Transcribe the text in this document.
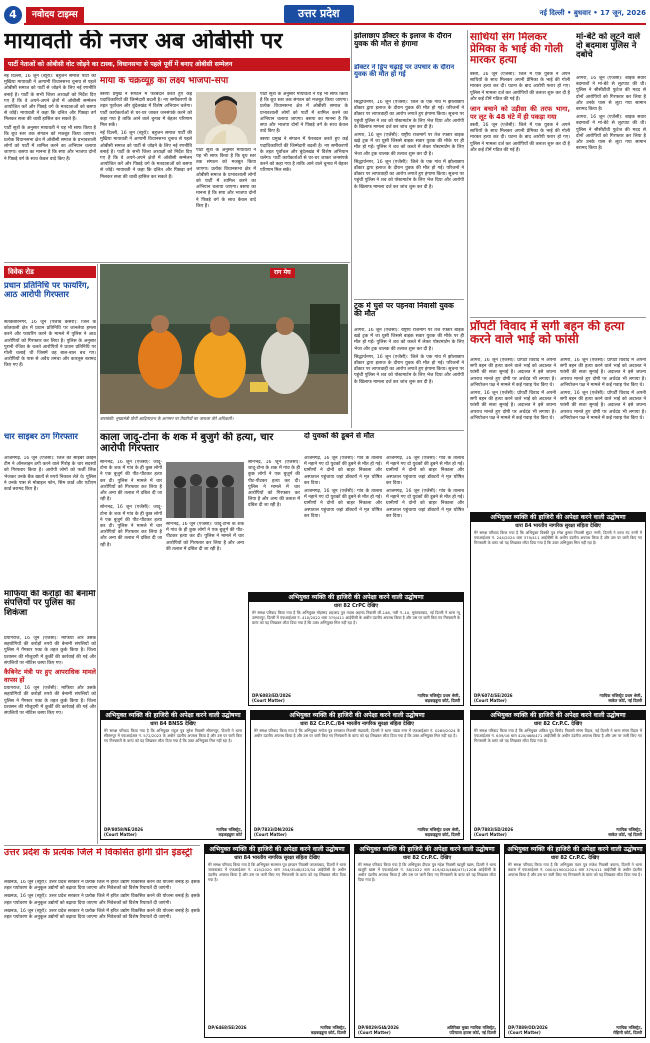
4	नवोदय टाइम्स	उत्तर प्रदेश	नई दिल्ली • बुधवार • 17 जून, 2026
मायावती की नजर अब ओबीसी पर
पार्टी नेताओं को ओबीसी वोट जोड़ने का टास्क, विधानसभा से पहले पूर्वी में बनाए ओबीसी सम्मेलन

नई दिल्ली, 16 जून (ब्यूरो): बहुजन समाज पार्टी की मुखिया मायावती ने आगामी विधानसभा चुनाव से पहले ओबीसी समाज को पार्टी से जोड़ने के लिए नई रणनीति बनाई है। पार्टी के सभी जिला अध्यक्षों को निर्देश दिए गए हैं कि वे अपने-अपने क्षेत्रों में ओबीसी सम्मेलन आयोजित करें और पिछड़े वर्ग के मतदाताओं को बसपा से जोड़ें। मायावती ने कहा कि दलित और पिछड़ा वर्ग मिलकर सत्ता की चाबी हासिल कर सकते हैं।

पार्टी सूत्रों के अनुसार मायावती ने यह भी साफ किया है कि बूथ स्तर तक संगठन को मजबूत किया जाएगा। प्रत्येक विधानसभा क्षेत्र में ओबीसी समाज के प्रभावशाली लोगों को पार्टी में शामिल करने का अभियान चलाया जाएगा। बसपा का मानना है कि सपा और भाजपा दोनों ने पिछड़े वर्ग के साथ केवल वादे किए हैं।

माया के चक्रव्यूह का लक्ष्य भाजपा-सपा

बसपा प्रमुख ने संगठन में फेरबदल करते हुए कई पदाधिकारियों की जिम्मेदारी बदली है। नए समीकरणों के तहत पूर्वांचल और बुंदेलखंड में विशेष अभियान चलेगा। पार्टी कार्यकर्ताओं से घर-घर जाकर जनसंपर्क करने को कहा गया है ताकि आने वाले चुनाव में बेहतर परिणाम मिल सकें।

नई दिल्ली, 16 जून (ब्यूरो): बहुजन समाज पार्टी की मुखिया मायावती ने आगामी विधानसभा चुनाव से पहले ओबीसी समाज को पार्टी से जोड़ने के लिए नई रणनीति बनाई है। पार्टी के सभी जिला अध्यक्षों को निर्देश दिए गए हैं कि वे अपने-अपने क्षेत्रों में ओबीसी सम्मेलन आयोजित करें और पिछड़े वर्ग के मतदाताओं को बसपा से जोड़ें। मायावती ने कहा कि दलित और पिछड़ा वर्ग मिलकर सत्ता की चाबी हासिल कर सकते हैं।

पार्टी सूत्रों के अनुसार मायावती ने यह भी साफ किया है कि बूथ स्तर तक संगठन को मजबूत किया जाएगा। प्रत्येक विधानसभा क्षेत्र में ओबीसी समाज के प्रभावशाली लोगों को पार्टी में शामिल करने का अभियान चलाया जाएगा। बसपा का मानना है कि सपा और भाजपा दोनों ने पिछड़े वर्ग के साथ केवल वादे किए हैं।

बसपा प्रमुख ने संगठन में फेरबदल करते हुए कई पदाधिकारियों की जिम्मेदारी बदली है। नए समीकरणों के तहत पूर्वांचल और बुंदेलखंड में विशेष अभियान चलेगा। पार्टी कार्यकर्ताओं से घर-घर जाकर जनसंपर्क करने को कहा गया है ताकि आने वाले चुनाव में बेहतर परिणाम मिल सकें।

पार्टी सूत्रों के अनुसार मायावती ने यह भी साफ किया है कि बूथ स्तर तक संगठन को मजबूत किया जाएगा। प्रत्येक विधानसभा क्षेत्र में ओबीसी समाज के प्रभावशाली लोगों को पार्टी में शामिल करने का अभियान चलाया जाएगा। बसपा का मानना है कि सपा और भाजपा दोनों ने पिछड़े वर्ग के साथ केवल वादे किए हैं।

विवेक रोड
प्रधान प्रतिनिधि पर फायरिंग, आठ आरोपी गिरफ्तार
संतकबीरनगर, 16 जून (पंजाब केसरी): जिले के कोतवाली क्षेत्र में प्रधान प्रतिनिधि पर जानलेवा हमला करने और फायरिंग करने के मामले में पुलिस ने आठ आरोपियों को गिरफ्तार कर लिया है। पुलिस के अनुसार पुरानी रंजिश के चलते आरोपियों ने प्रधान प्रतिनिधि पर गोली चलाई थी जिसमें वह बाल-बाल बच गए। आरोपियों के पास से अवैध तमंचा और कारतूस बरामद किए गए हैं।
चार साइबर ठग गिरफ्तार
आजमगढ़, 16 जून (एजेंसी): जिले की साइबर क्राइम टीम ने ऑनलाइन ठगी करने वाले गिरोह के चार सदस्यों को गिरफ्तार किया है। आरोपी लोगों को फर्जी लिंक भेजकर उनके बैंक खातों से रुपये निकाल लेते थे। पुलिस ने उनके पास से मोबाइल फोन, सिम कार्ड और एटीएम कार्ड बरामद किए हैं।
राग मेघ
बाराबंकी: मुख्यमंत्री योगी आदित्यनाथ के आगमन पर तैयारियों का जायजा लेते अधिकारी।
झोलाछाप डॉक्टर के इलाज के दौरान युवक की मौत से हंगामा
डॉक्टर ने ड्रिप चढ़ाई पर उपचार के दौरान युवक की मौत हो गई

सिद्धार्थनगर, 16 जून (एजेंसी): जिले के एक गांव में झोलाछाप डॉक्टर द्वारा इलाज के दौरान युवक की मौत हो गई। परिजनों ने डॉक्टर पर लापरवाही का आरोप लगाते हुए हंगामा किया। सूचना पर पहुंची पुलिस ने शव को पोस्टमार्टम के लिए भेज दिया और आरोपी के खिलाफ मामला दर्ज कर जांच शुरू कर दी है।

आगरा, 16 जून (एजेंसी): राष्ट्रीय राजमार्ग पर तेज रफ्तार बाइक खड़े ट्रक में जा घुसी जिससे बाइक सवार युवक की मौके पर ही मौत हो गई। पुलिस ने शव को कब्जे में लेकर पोस्टमार्टम के लिए भेजा और ट्रक चालक की तलाश शुरू कर दी है।

सिद्धार्थनगर, 16 जून (एजेंसी): जिले के एक गांव में झोलाछाप डॉक्टर द्वारा इलाज के दौरान युवक की मौत हो गई। परिजनों ने डॉक्टर पर लापरवाही का आरोप लगाते हुए हंगामा किया। सूचना पर पहुंची पुलिस ने शव को पोस्टमार्टम के लिए भेज दिया और आरोपी के खिलाफ मामला दर्ज कर जांच शुरू कर दी है।

ट्रक में घुसे पर पहनवा निवासी युवक की मौत

आगरा, 16 जून (एजेंसी): राष्ट्रीय राजमार्ग पर तेज रफ्तार बाइक खड़े ट्रक में जा घुसी जिससे बाइक सवार युवक की मौके पर ही मौत हो गई। पुलिस ने शव को कब्जे में लेकर पोस्टमार्टम के लिए भेजा और ट्रक चालक की तलाश शुरू कर दी है।

सिद्धार्थनगर, 16 जून (एजेंसी): जिले के एक गांव में झोलाछाप डॉक्टर द्वारा इलाज के दौरान युवक की मौत हो गई। परिजनों ने डॉक्टर पर लापरवाही का आरोप लगाते हुए हंगामा किया। सूचना पर पहुंची पुलिस ने शव को पोस्टमार्टम के लिए भेज दिया और आरोपी के खिलाफ मामला दर्ज कर जांच शुरू कर दी है।

साथियों संग मिलकर प्रेमिका के भाई की गोली मारकर हत्या

बस्ती, 16 जून (एजेंसी): जिले में एक युवक ने अपने साथियों के साथ मिलकर अपनी प्रेमिका के भाई की गोली मारकर हत्या कर दी। घटना के बाद आरोपी फरार हो गए। पुलिस ने मामला दर्ज कर आरोपियों की तलाश शुरू कर दी है और कई टीमें गठित की गई हैं।

जान बचाने को उड़ीसा की तरफ भागा, पर लूट के 48 घंटे में ही पकड़ा गया

बस्ती, 16 जून (एजेंसी): जिले में एक युवक ने अपने साथियों के साथ मिलकर अपनी प्रेमिका के भाई की गोली मारकर हत्या कर दी। घटना के बाद आरोपी फरार हो गए। पुलिस ने मामला दर्ज कर आरोपियों की तलाश शुरू कर दी है और कई टीमें गठित की गई हैं।

मां-बेटे को लूटने वाले दो बदमाश पुलिस ने दबोचे

आगरा, 16 जून (एजेंसी): बाइक सवार बदमाशों ने मां-बेटे से लूटपाट की थी। पुलिस ने सीसीटीवी फुटेज की मदद से दोनों आरोपियों को गिरफ्तार कर लिया है और उनके पास से लूटा गया सामान बरामद किया है।

आगरा, 16 जून (एजेंसी): बाइक सवार बदमाशों ने मां-बेटे से लूटपाट की थी। पुलिस ने सीसीटीवी फुटेज की मदद से दोनों आरोपियों को गिरफ्तार कर लिया है और उनके पास से लूटा गया सामान बरामद किया है।

प्रॉपर्टी विवाद में सगी बहन की हत्या करने वाले भाई को फांसी

आगरा, 16 जून (एजेंसी): प्रॉपर्टी विवाद में अपनी सगी बहन की हत्या करने वाले भाई को अदालत ने फांसी की सजा सुनाई है। अदालत ने इसे जघन्य अपराध मानते हुए दोषी पर अर्थदंड भी लगाया है। अभियोजन पक्ष ने मामले में कई गवाह पेश किए थे।

आगरा, 16 जून (एजेंसी): प्रॉपर्टी विवाद में अपनी सगी बहन की हत्या करने वाले भाई को अदालत ने फांसी की सजा सुनाई है। अदालत ने इसे जघन्य अपराध मानते हुए दोषी पर अर्थदंड भी लगाया है। अभियोजन पक्ष ने मामले में कई गवाह पेश किए थे।

आगरा, 16 जून (एजेंसी): प्रॉपर्टी विवाद में अपनी सगी बहन की हत्या करने वाले भाई को अदालत ने फांसी की सजा सुनाई है। अदालत ने इसे जघन्य अपराध मानते हुए दोषी पर अर्थदंड भी लगाया है। अभियोजन पक्ष ने मामले में कई गवाह पेश किए थे।

आगरा, 16 जून (एजेंसी): प्रॉपर्टी विवाद में अपनी सगी बहन की हत्या करने वाले भाई को अदालत ने फांसी की सजा सुनाई है। अदालत ने इसे जघन्य अपराध मानते हुए दोषी पर अर्थदंड भी लगाया है। अभियोजन पक्ष ने मामले में कई गवाह पेश किए थे।

काला जादू-टोना के शक में बुजुर्ग की हत्या, चार आरोपी गिरफ्तार

सोनभद्र, 16 जून (एजेंसी): जादू-टोना के शक में गांव के ही कुछ लोगों ने एक बुजुर्ग की पीट-पीटकर हत्या कर दी। पुलिस ने मामले में चार आरोपियों को गिरफ्तार कर लिया है और अन्य की तलाश में दबिश दी जा रही है।

सोनभद्र, 16 जून (एजेंसी): जादू-टोना के शक में गांव के ही कुछ लोगों ने एक बुजुर्ग की पीट-पीटकर हत्या कर दी। पुलिस ने मामले में चार आरोपियों को गिरफ्तार कर लिया है और अन्य की तलाश में दबिश दी जा रही है।

सोनभद्र, 16 जून (एजेंसी): जादू-टोना के शक में गांव के ही कुछ लोगों ने एक बुजुर्ग की पीट-पीटकर हत्या कर दी। पुलिस ने मामले में चार आरोपियों को गिरफ्तार कर लिया है और अन्य की तलाश में दबिश दी जा रही है।

सोनभद्र, 16 जून (एजेंसी): जादू-टोना के शक में गांव के ही कुछ लोगों ने एक बुजुर्ग की पीट-पीटकर हत्या कर दी। पुलिस ने मामले में चार आरोपियों को गिरफ्तार कर लिया है और अन्य की तलाश में दबिश दी जा रही है।

दो युवकों की डूबने से मौत

आजमगढ़, 16 जून (एजेंसी): गांव के तालाब में नहाने गए दो युवकों की डूबने से मौत हो गई। ग्रामीणों ने दोनों को बाहर निकाला और अस्पताल पहुंचाया जहां डॉक्टरों ने मृत घोषित कर दिया।

आजमगढ़, 16 जून (एजेंसी): गांव के तालाब में नहाने गए दो युवकों की डूबने से मौत हो गई। ग्रामीणों ने दोनों को बाहर निकाला और अस्पताल पहुंचाया जहां डॉक्टरों ने मृत घोषित कर दिया।

आजमगढ़, 16 जून (एजेंसी): गांव के तालाब में नहाने गए दो युवकों की डूबने से मौत हो गई। ग्रामीणों ने दोनों को बाहर निकाला और अस्पताल पहुंचाया जहां डॉक्टरों ने मृत घोषित कर दिया।

आजमगढ़, 16 जून (एजेंसी): गांव के तालाब में नहाने गए दो युवकों की डूबने से मौत हो गई। ग्रामीणों ने दोनों को बाहर निकाला और अस्पताल पहुंचाया जहां डॉक्टरों ने मृत घोषित कर दिया।

माफिया की करोड़ों की बेनामी संपत्तियों पर पुलिस का शिकंजा

प्रयागराज, 16 जून (एजेंसी): माफिया और उसके सहयोगियों की करोड़ों रुपये की बेनामी संपत्तियों को पुलिस ने गैंगस्टर एक्ट के तहत कुर्क किया है। जिला प्रशासन की मौजूदगी में कुर्की की कार्रवाई की गई और संपत्तियों पर नोटिस चस्पा किए गए।

कैबिनेट मंत्री पर हुए आपराधिक मामले वापस हों

प्रयागराज, 16 जून (एजेंसी): माफिया और उसके सहयोगियों की करोड़ों रुपये की बेनामी संपत्तियों को पुलिस ने गैंगस्टर एक्ट के तहत कुर्क किया है। जिला प्रशासन की मौजूदगी में कुर्की की कार्रवाई की गई और संपत्तियों पर नोटिस चस्पा किए गए।

उत्तर प्रदेश के प्रत्येक जिले में विकसित होगी ग्रीन इंडस्ट्री

लखनऊ, 16 जून (ब्यूरो): उत्तर प्रदेश सरकार ने प्रत्येक जिले में हरित उद्योग विकसित करने की योजना बनाई है। इसके तहत पर्यावरण के अनुकूल उद्योगों को बढ़ावा दिया जाएगा और निवेशकों को विशेष रियायतें दी जाएंगी।

लखनऊ, 16 जून (ब्यूरो): उत्तर प्रदेश सरकार ने प्रत्येक जिले में हरित उद्योग विकसित करने की योजना बनाई है। इसके तहत पर्यावरण के अनुकूल उद्योगों को बढ़ावा दिया जाएगा और निवेशकों को विशेष रियायतें दी जाएंगी।

लखनऊ, 16 जून (ब्यूरो): उत्तर प्रदेश सरकार ने प्रत्येक जिले में हरित उद्योग विकसित करने की योजना बनाई है। इसके तहत पर्यावरण के अनुकूल उद्योगों को बढ़ावा दिया जाएगा और निवेशकों को विशेष रियायतें दी जाएंगी।

अभियुक्त व्यक्ति की हाजिरी की अपेक्षा करने वाली उद्घोषणा
धारा 82 CrPC देखिए
मेरे समक्ष परिवाद किया गया है कि अभियुक्त मोहम्मद शहजाद पुत्र नवाब अहमद निवासी जी-148, गली नं.-10, मुस्तफाबाद, नई दिल्ली ने थाना न्यू उस्मानपुर, दिल्ली में एफआईआर नं. 410/2022 धारा 379/411 आईपीसी के अधीन दंडनीय अपराध किया है और उस पर जारी किए गए गिरफ्तारी के वारंट को यह लिखकर लौटा दिया गया है कि उक्त अभियुक्त मिल नहीं रहा है।
न्यायिक मजिस्ट्रेट प्रथम श्रेणी,
कड़कड़डूमा कोर्ट, दिल्ली
DP/6083/ED/2026
(Court Matter)
अभियुक्त व्यक्ति की हाजिरी की अपेक्षा करने वाली उद्घोषणा
धारा 84 भारतीय नागरिक सुरक्षा संहिता देखिए
मेरे समक्ष परिवाद किया गया है कि अभियुक्त विक्की पुत्र रमेश कुमार निवासी सुंदर नगरी, दिल्ली ने थाना नंद नगरी में एफआईआर नं. 244/2024 धारा 379/411 आईपीसी के अधीन दंडनीय अपराध किया है और उस पर जारी किए गए गिरफ्तारी के वारंट को यह लिखकर लौटा दिया गया है कि उक्त अभियुक्त मिल नहीं रहा है।
न्यायिक मजिस्ट्रेट प्रथम श्रेणी,
साकेत कोर्ट, नई दिल्ली
DP/6074/SE/2026
(Court Matter)
अभियुक्त व्यक्ति की हाजिरी की अपेक्षा करने वाली उद्घोषणा
धारा 84 BNSS देखिए
मेरे समक्ष परिवाद किया गया है कि अभियुक्त राहुल पुत्र सुरेश निवासी सीलमपुर, दिल्ली ने थाना सीलमपुर में एफआईआर नं. 572/2023 के अधीन दंडनीय अपराध किया है और उस पर जारी किए गए गिरफ्तारी के वारंट को यह लिखकर लौटा दिया गया है कि उक्त अभियुक्त मिल नहीं रहा है।
न्यायिक मजिस्ट्रेट,
कड़कड़डूमा कोर्ट
DP/8058/NE/2026
(Court Matter)
अभियुक्त व्यक्ति की हाजिरी की अपेक्षा करने वाली उद्घोषणा
धारा 82 Cr.P.C./84 भारतीय नागरिक सुरक्षा संहिता देखिए
मेरे समक्ष परिवाद किया गया है कि अभियुक्त मनोज पुत्र रामलाल निवासी मंडावली, दिल्ली ने थाना पांडव नगर में एफआईआर नं. 0269/2024 के अधीन दंडनीय अपराध किया है और उस पर जारी किए गए गिरफ्तारी के वारंट को यह लिखकर लौटा दिया गया है कि उक्त अभियुक्त मिल नहीं रहा है।
न्यायिक मजिस्ट्रेट प्रथम श्रेणी,
कड़कड़डूमा कोर्ट, दिल्ली
DP/7833/DN/2026
(Court Matter)
अभियुक्त व्यक्ति की हाजिरी की अपेक्षा करने वाली उद्घोषणा
धारा 82 Cr.P.C. देखिए
मेरे समक्ष परिवाद किया गया है कि अभियुक्त अंकित पुत्र विनोद निवासी संगम विहार, नई दिल्ली ने थाना संगम विहार में एफआईआर नं. 639/16 धारा 420/468/471 आईपीसी के अधीन दंडनीय अपराध किया है और उस पर जारी किए गए गिरफ्तारी के वारंट को यह लिखकर लौटा दिया गया है।
न्यायिक मजिस्ट्रेट,
साकेत कोर्ट, नई दिल्ली
DP/7883/SD/2026
(Court Matter)
अभियुक्त व्यक्ति की हाजिरी की अपेक्षा करने वाली उद्घोषणा
धारा 84 भारतीय नागरिक सुरक्षा संहिता देखिए
मेरे समक्ष परिवाद किया गया है कि अभियुक्त सलमान पुत्र इरफान निवासी जाफराबाद, दिल्ली ने थाना जाफराबाद में एफआईआर नं. 415/2020 धारा 354/354B/323/34 आईपीसी के अधीन दंडनीय अपराध किया है और उस पर जारी किए गए गिरफ्तारी के वारंट को यह लिखकर लौटा दिया गया है।
न्यायिक मजिस्ट्रेट,
कड़कड़डूमा कोर्ट, दिल्ली
DP/6468/SE/2026
अभियुक्त व्यक्ति की हाजिरी की अपेक्षा करने वाली उद्घोषणा
धारा 82 Cr.P.C. देखिए
मेरे समक्ष परिवाद किया गया है कि अभियुक्त दीपक पुत्र महेश निवासी खजूरी खास, दिल्ली ने थाना खजूरी खास में एफआईआर नं. 38/2022 धारा 419/420/468/471/120B आईपीसी के अधीन दंडनीय अपराध किया है और उस पर जारी किए गए गिरफ्तारी के वारंट को यह लिखकर लौटा दिया गया है।
अतिरिक्त मुख्य न्यायिक मजिस्ट्रेट,
पटियाला हाउस कोर्ट, नई दिल्ली
DP/8029/GIA/2026
(Court Matter)
अभियुक्त व्यक्ति की हाजिरी की अपेक्षा करने वाली उद्घोषणा
धारा 82 Cr.P.C. देखिए
मेरे समक्ष परिवाद किया गया है कि अभियुक्त पवन पुत्र राजेश निवासी बवाना, दिल्ली ने थाना बवाना में एफआईआर नं. 0004/1900/2024 धारा 379/411 आईपीसी के अधीन दंडनीय अपराध किया है और उस पर जारी किए गए गिरफ्तारी के वारंट को यह लिखकर लौटा दिया गया है।
न्यायिक मजिस्ट्रेट,
रोहिणी कोर्ट, दिल्ली
DP/7889/OD/2026
(Court Matter)
